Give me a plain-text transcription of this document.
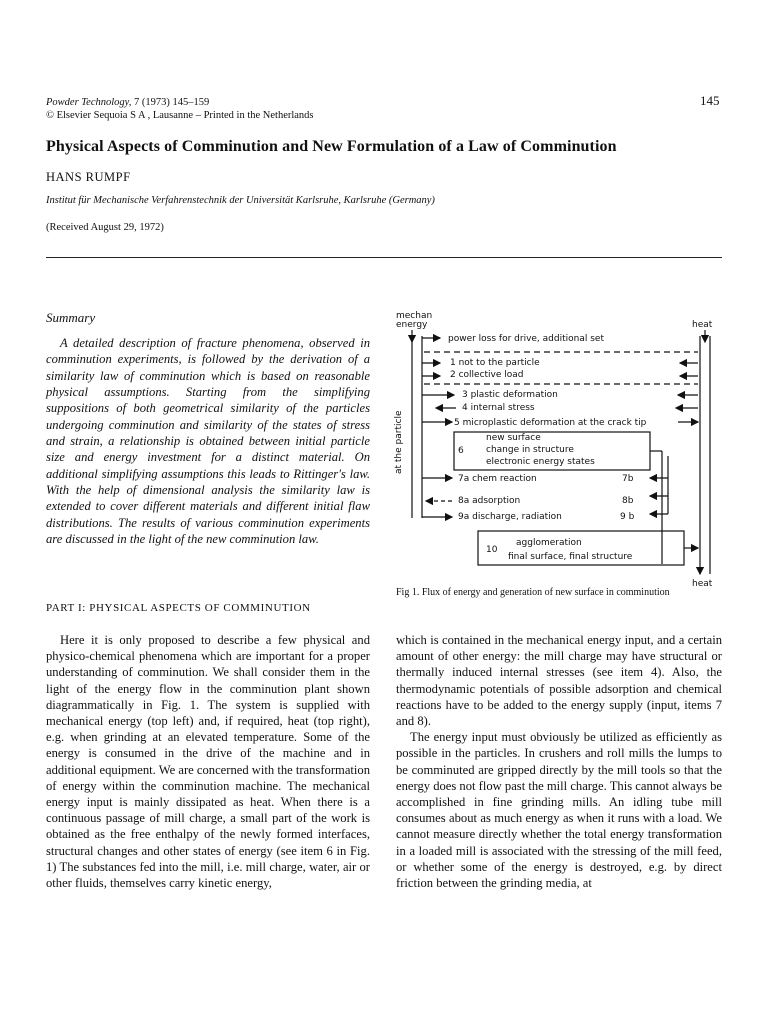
Powder Technology, 7 (1973) 145–159
© Elsevier Sequoia S A , Lausanne – Printed in the Netherlands
145
Physical Aspects of Comminution and New Formulation of a Law of Comminution
HANS RUMPF
Institut für Mechanische Verfahrenstechnik der Universität Karlsruhe, Karlsruhe (Germany)
(Received August 29, 1972)
Summary
A detailed description of fracture phenomena, observed in comminution experiments, is followed by the derivation of a similarity law of comminution which is based on reasonable physical assumptions. Starting from the simplifying suppositions of both geometrical similarity of the particles undergoing comminution and similarity of the states of stress and strain, a relationship is obtained between initial particle size and energy investment for a distinct material. On additional simplifying assumptions this leads to Rittinger's law. With the help of dimensional analysis the similarity law is extended to cover different materials and different initial flaw distributions. The results of various comminution experiments are discussed in the light of the new comminution law.
PART I: PHYSICAL ASPECTS OF COMMINUTION

Here it is only proposed to describe a few physical and physico-chemical phenomena which are important for a proper understanding of comminution. We shall consider them in the light of the energy flow in the comminution plant shown diagrammatically in Fig. 1. The system is supplied with mechanical energy (top left) and, if required, heat (top right), e.g. when grinding at an elevated temperature. Some of the energy is consumed in the drive of the machine and in additional equipment. We are concerned with the transformation of energy within the comminution machine. The mechanical energy input is mainly dissipated as heat. When there is a continuous passage of mill charge, a small part of the work is obtained as the free enthalpy of the newly formed interfaces, structural changes and other states of energy (see item 6 in Fig. 1) The substances fed into the mill, i.e. mill charge, water, air or other fluids, themselves carry kinetic energy,

which is contained in the mechanical energy input, and a certain amount of other energy: the mill charge may have structural or thermally induced internal stresses (see item 4). Also, the thermodynamic potentials of possible adsorption and chemical reactions have to be added to the energy supply (input, items 7 and 8).

The energy input must obviously be utilized as efficiently as possible in the particles. In crushers and roll mills the lumps to be comminuted are gripped directly by the mill tools so that the energy does not flow past the mill charge. This cannot always be accomplished in fine grinding mills. An idling tube mill consumes about as much energy as when it runs with a load. We cannot measure directly whether the total energy transformation in a loaded mill is associated with the stressing of the mill feed, or whether some of the energy is destroyed, e.g. by direct friction between the grinding media, at

mechan
energy	heat
power loss for drive, additional set
1 not to the particle
2 collective load
3 plastic deformation
4 internal stress
5 microplastic deformation at the crack tip
6
new surface
change in structure
electronic energy states
7a chem reaction	7b
8a adsorption	8b
9a discharge, radiation	9 b
10
agglomeration
final surface, final structure
heat
at the particle
Fig 1. Flux of energy and generation of new surface in comminution
